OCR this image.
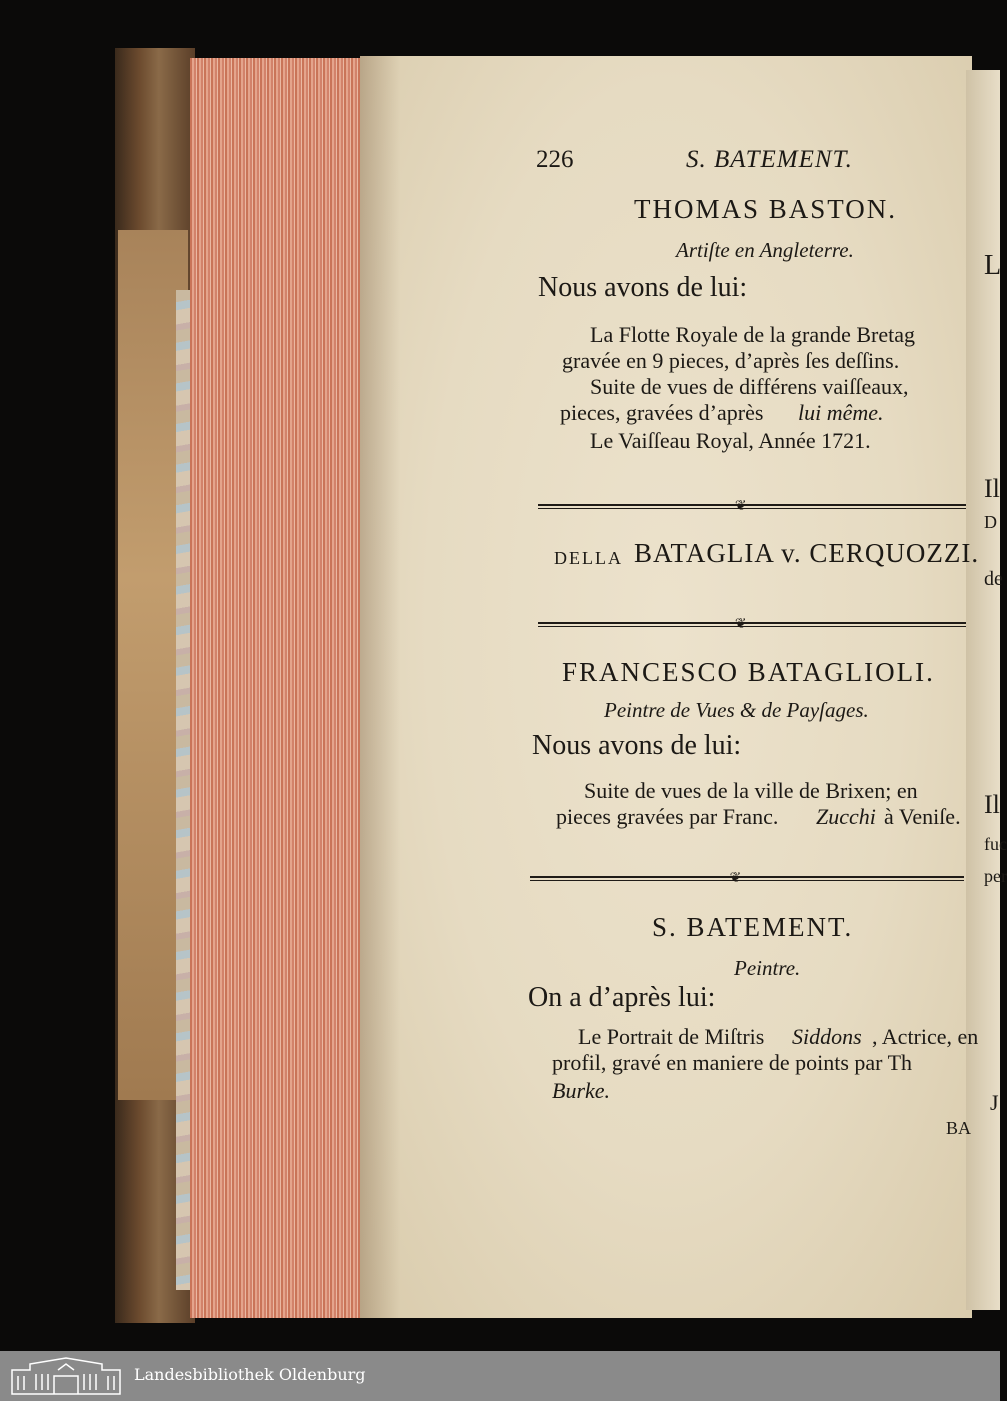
L
Il
D
de
Il
fuc
per
J
226	S. BATEMENT.
THOMAS BASTON.
Artiſte en Angleterre.
Nous avons de lui:
La Flotte Royale de la grande Bretag
gravée en 9 pieces, d’après ſes deſſins.
Suite de vues de différens vaiſſeaux,
pieces, gravées d’après lui même.
Le Vaiſſeau Royal, Année 1721.
❦
DELLA BATAGLIA v. CERQUOZZI.
❦
FRANCESCO BATAGLIOLI.
Peintre de Vues & de Payſages.
Nous avons de lui:
Suite de vues de la ville de Brixen; en
pieces gravées par Franc. Zucchi à Veniſe.
❦
S. BATEMENT.
Peintre.
On a d’après lui:
Le Portrait de Miſtris Siddons , Actrice, en
profil, gravé en maniere de points par Th
Burke.
BA
Landesbibliothek Oldenburg
